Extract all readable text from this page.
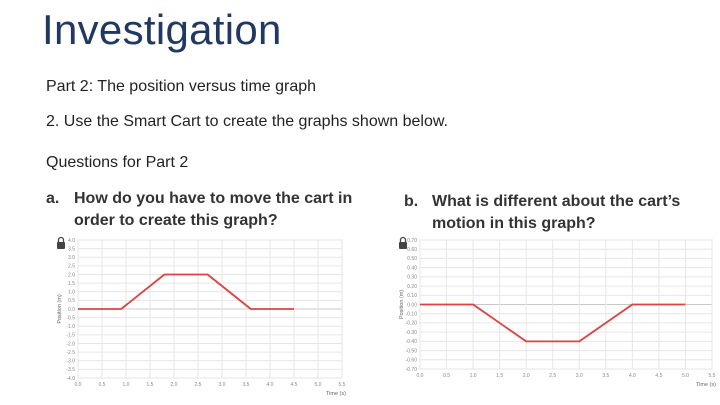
Investigation
Part 2: The position versus time graph
2. Use the Smart Cart to create the graphs shown below.
Questions for Part 2
a. How do you have to move the cart in order to create this graph?
b. What is different about the cart’s motion in this graph?
4.0
3.5
3.0
2.5
2.0
1.5
1.0
0.5
0.0
-0.5
-1.0
-1.5
-2.0
-2.5
-3.0
-3.5
-4.0
0.0	0.5	1.0	1.5	2.0	2.5	3.0	3.5	4.0	4.5	5.0	5.5
Position (m)
Time (s)
0.70
0.60
0.50
0.40
0.30
0.20
0.10
0.00
-0.10
-0.20
-0.30
-0.40
-0.50
-0.60
-0.70
0.0	0.5	1.0	1.5	2.0	2.5	3.0	3.5	4.0	4.5	5.0	5.5
Position (m)
Time (s)
